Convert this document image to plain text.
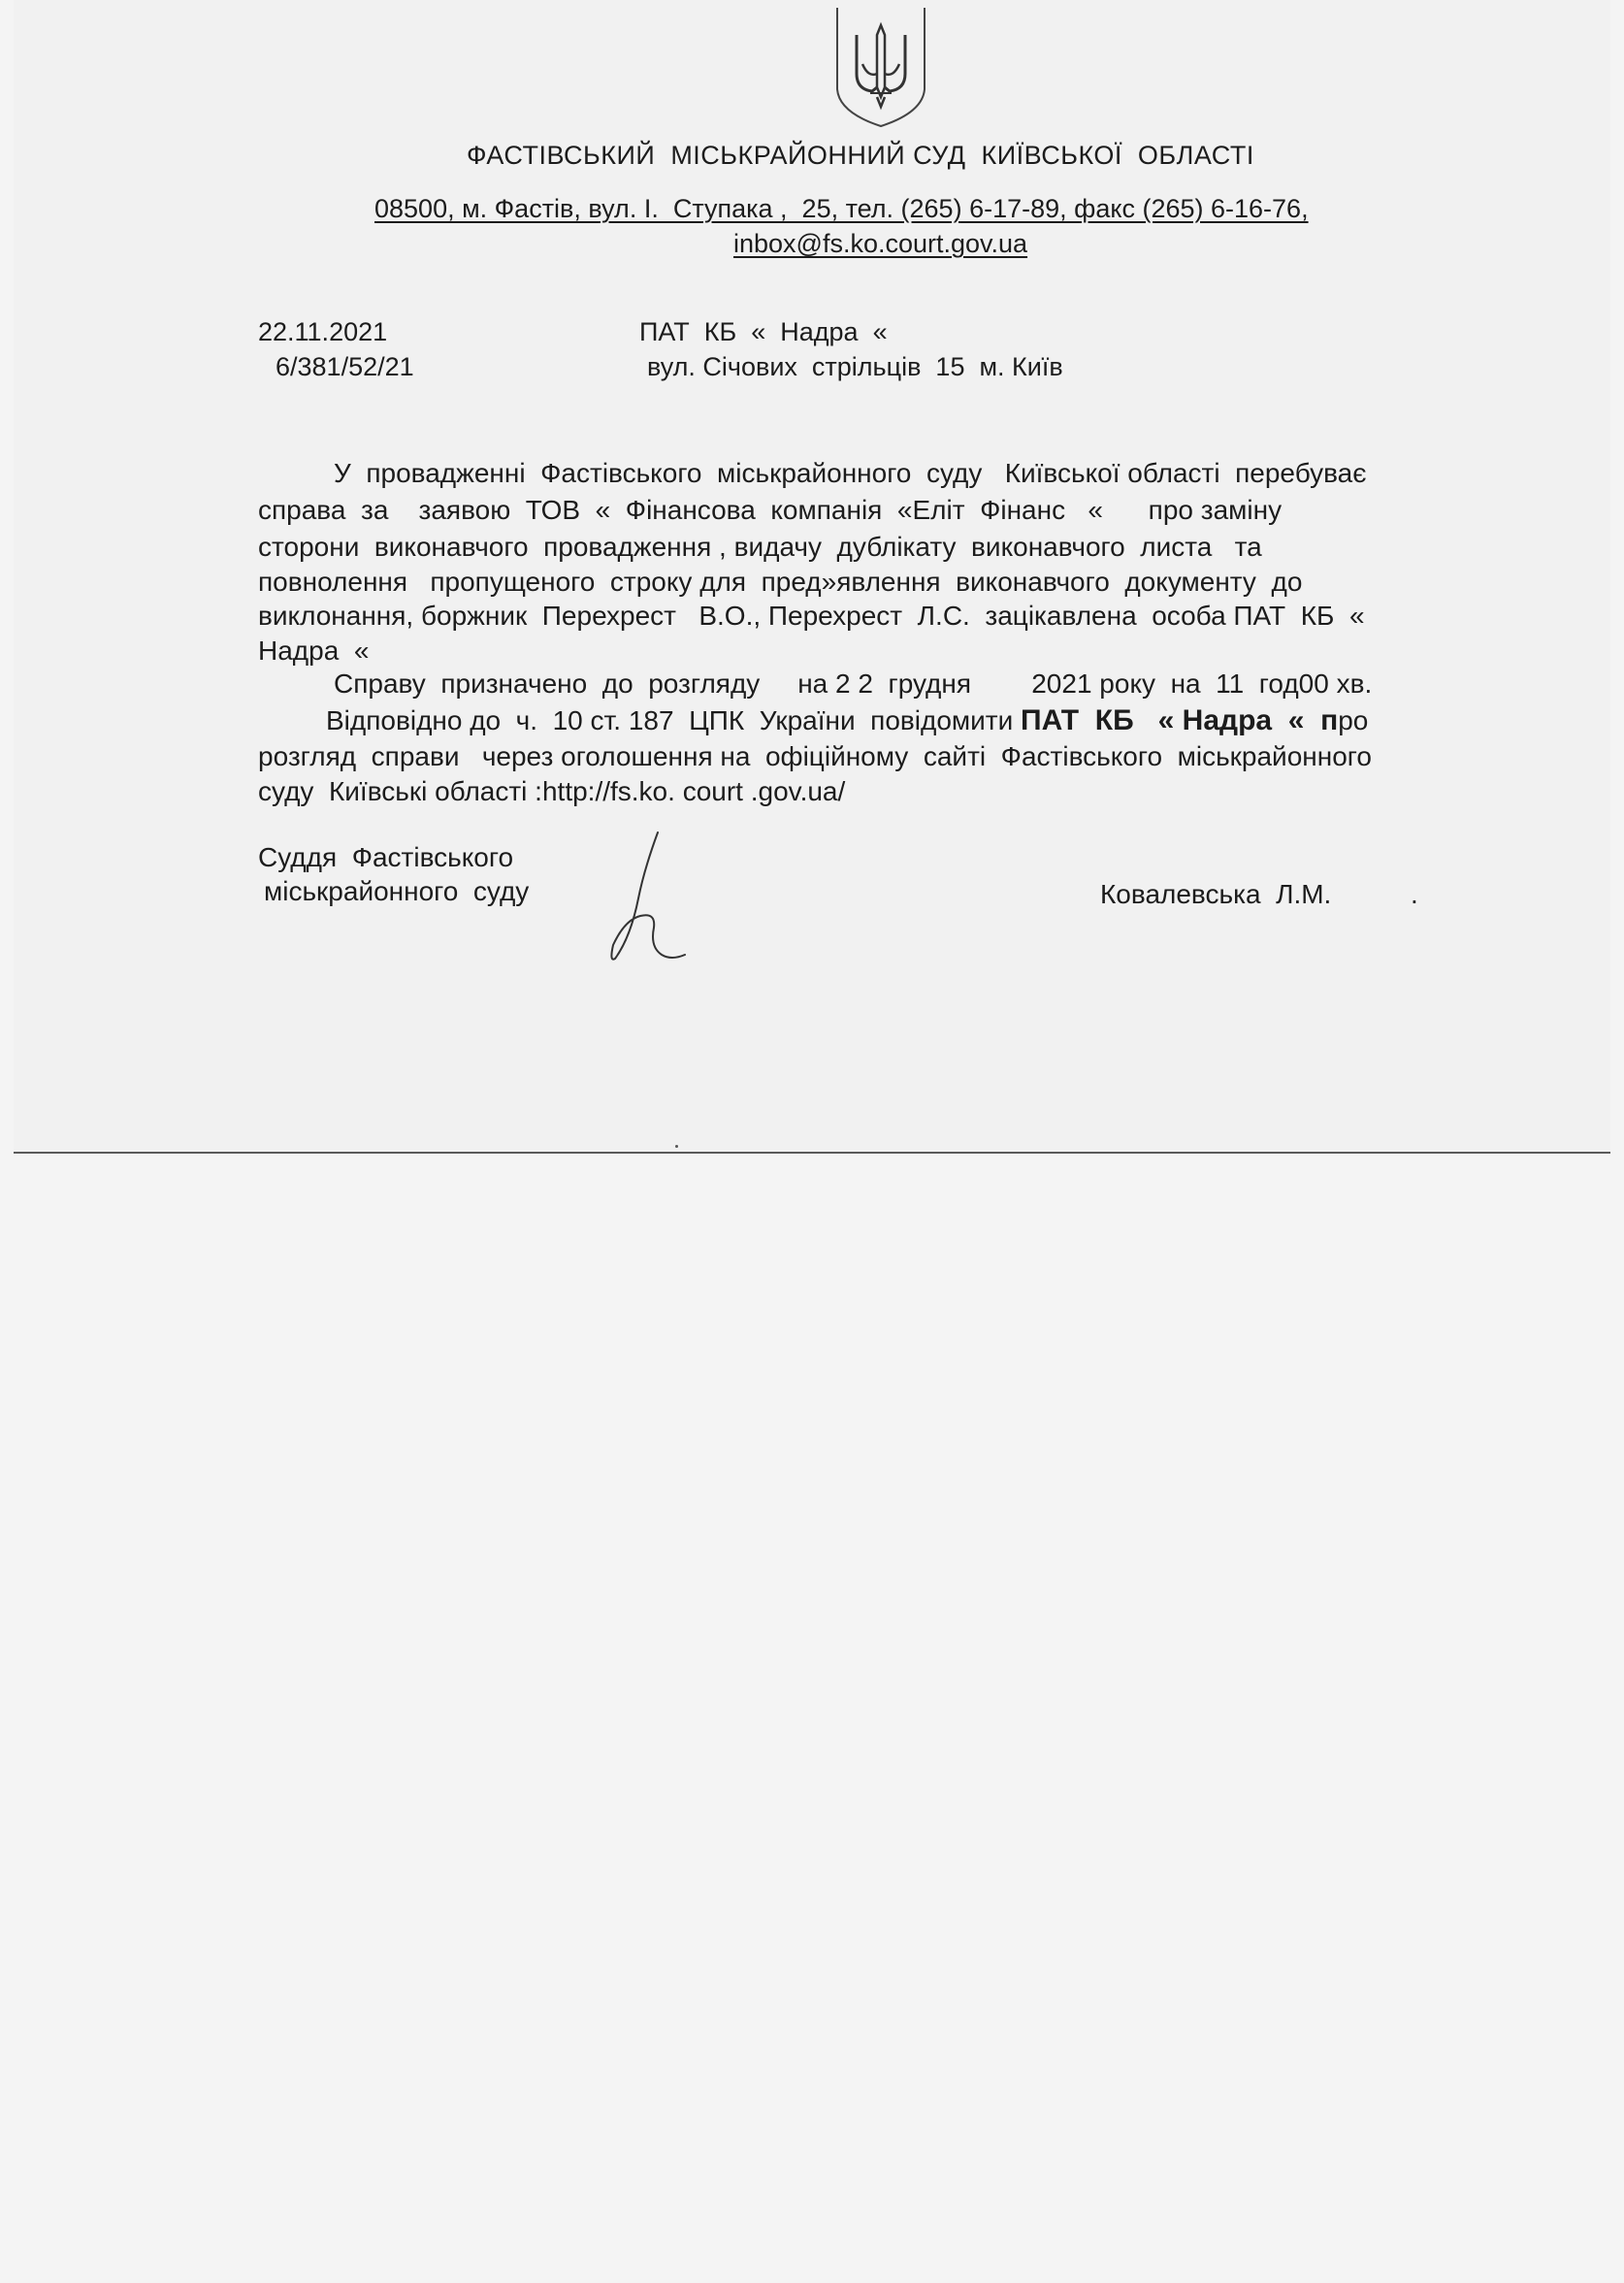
ФАСТІВСЬКИЙ  МІСЬКРАЙОННИЙ СУД  КИЇВСЬКОЇ  ОБЛАСТІ
08500, м. Фастів, вул. І.  Ступака ,  25, тел. (265) 6-17-89, факс (265) 6-16-76,
inbox@fs.ko.court.gov.ua
22.11.2021
6/381/52/21
ПАТ  КБ  «  Надра  «
вул. Січових  стрільців  15  м. Київ
У  провадженні  Фастівського  міськрайонного  суду   Київської області  перебуває
справа  за    заявою  ТОВ  «  Фінансова  компанія  «Еліт  Фінанс   «      про заміну
сторони  виконавчого  провадження , видачу  дублікату  виконавчого  листа   та
повнолення   пропущеного  строку для  пред»явлення  виконавчого  документу  до
виклонання, боржник  Перехрест   В.О., Перехрест  Л.С.  зацікавлена  особа ПАТ  КБ  «
Надра  «
Справу  призначено  до  розгляду     на 2 2  грудня        2021 року  на  11  год00 хв.
Відповідно до  ч.  10 ст. 187  ЦПК  України  повідомити ПАТ  КБ   « Надра  «  про
розгляд  справи   через оголошення на  офіційному  сайті  Фастівського  міськрайонного
суду  Київські області :http://fs.ko. court .gov.ua/
Суддя  Фастівського
міськрайонного  суду	Ковалевська  Л.М.	.
